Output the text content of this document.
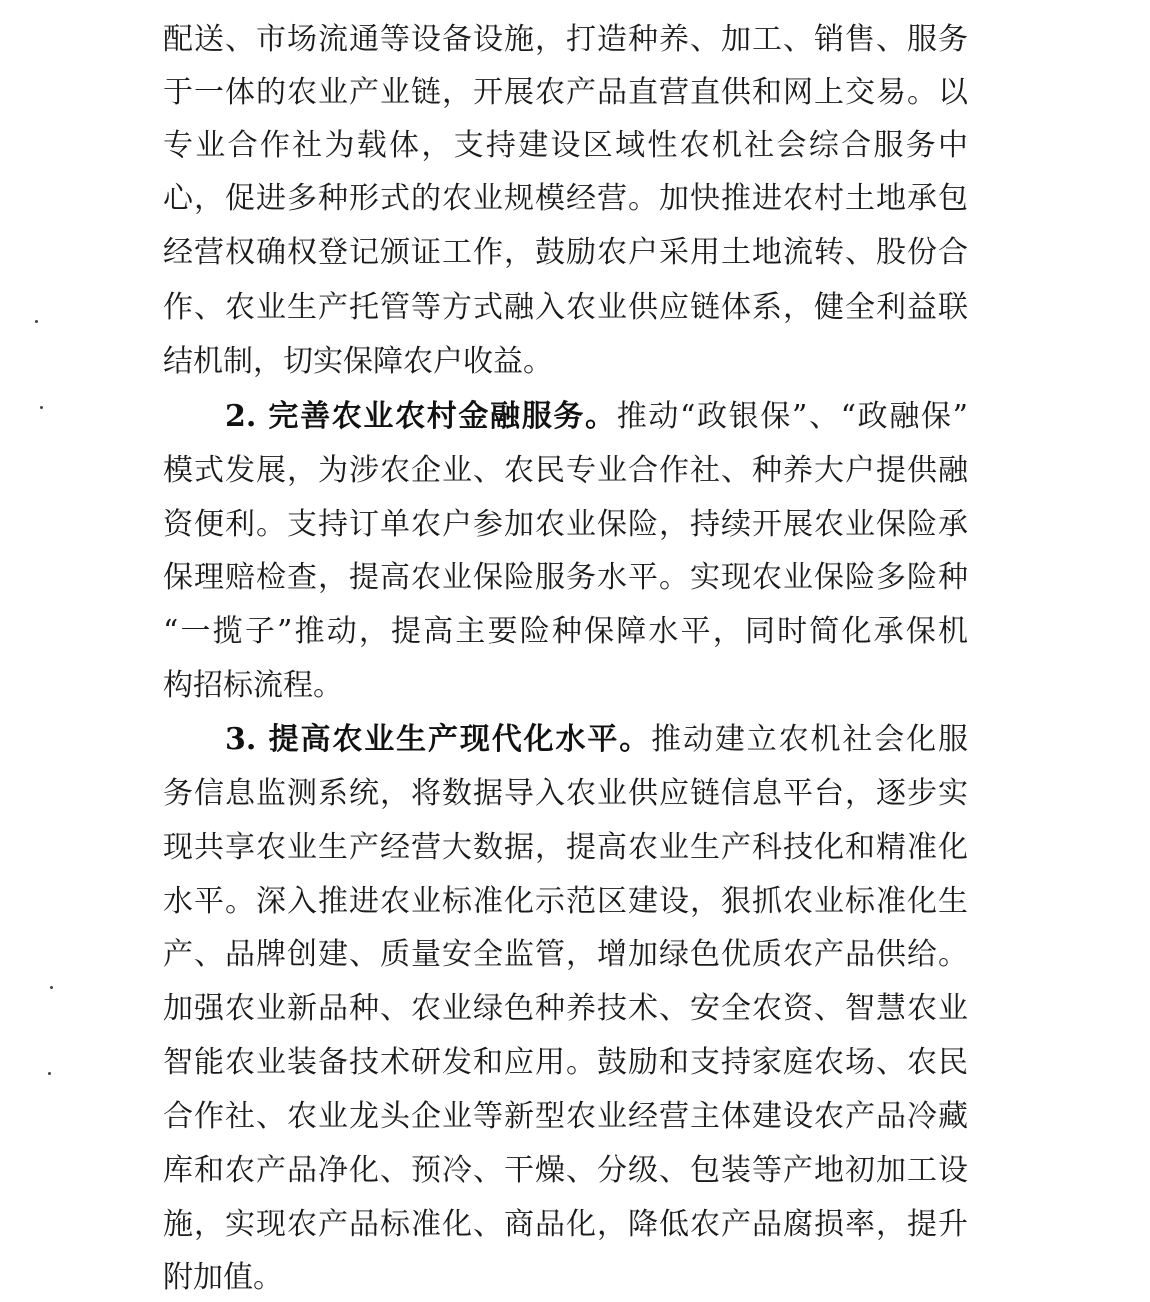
配送、市场流通等设备设施，打造种养、加工、销售、服务
于一体的农业产业链，开展农产品直营直供和网上交易。以
专业合作社为载体，支持建设区域性农机社会综合服务中
心，促进多种形式的农业规模经营。加快推进农村土地承包
经营权确权登记颁证工作，鼓励农户采用土地流转、股份合
作、农业生产托管等方式融入农业供应链体系，健全利益联
结机制，切实保障农户收益。
2. 完善农业农村金融服务。推动“政银保”、“政融保”
模式发展，为涉农企业、农民专业合作社、种养大户提供融
资便利。支持订单农户参加农业保险，持续开展农业保险承
保理赔检查，提高农业保险服务水平。实现农业保险多险种
“一揽子”推动，提高主要险种保障水平，同时简化承保机
构招标流程。
3. 提高农业生产现代化水平。推动建立农机社会化服
务信息监测系统，将数据导入农业供应链信息平台，逐步实
现共享农业生产经营大数据，提高农业生产科技化和精准化
水平。深入推进农业标准化示范区建设，狠抓农业标准化生
产、品牌创建、质量安全监管，增加绿色优质农产品供给。
加强农业新品种、农业绿色种养技术、安全农资、智慧农业
智能农业装备技术研发和应用。鼓励和支持家庭农场、农民
合作社、农业龙头企业等新型农业经营主体建设农产品冷藏
库和农产品净化、预冷、干燥、分级、包装等产地初加工设
施，实现农产品标准化、商品化，降低农产品腐损率，提升
附加值。
